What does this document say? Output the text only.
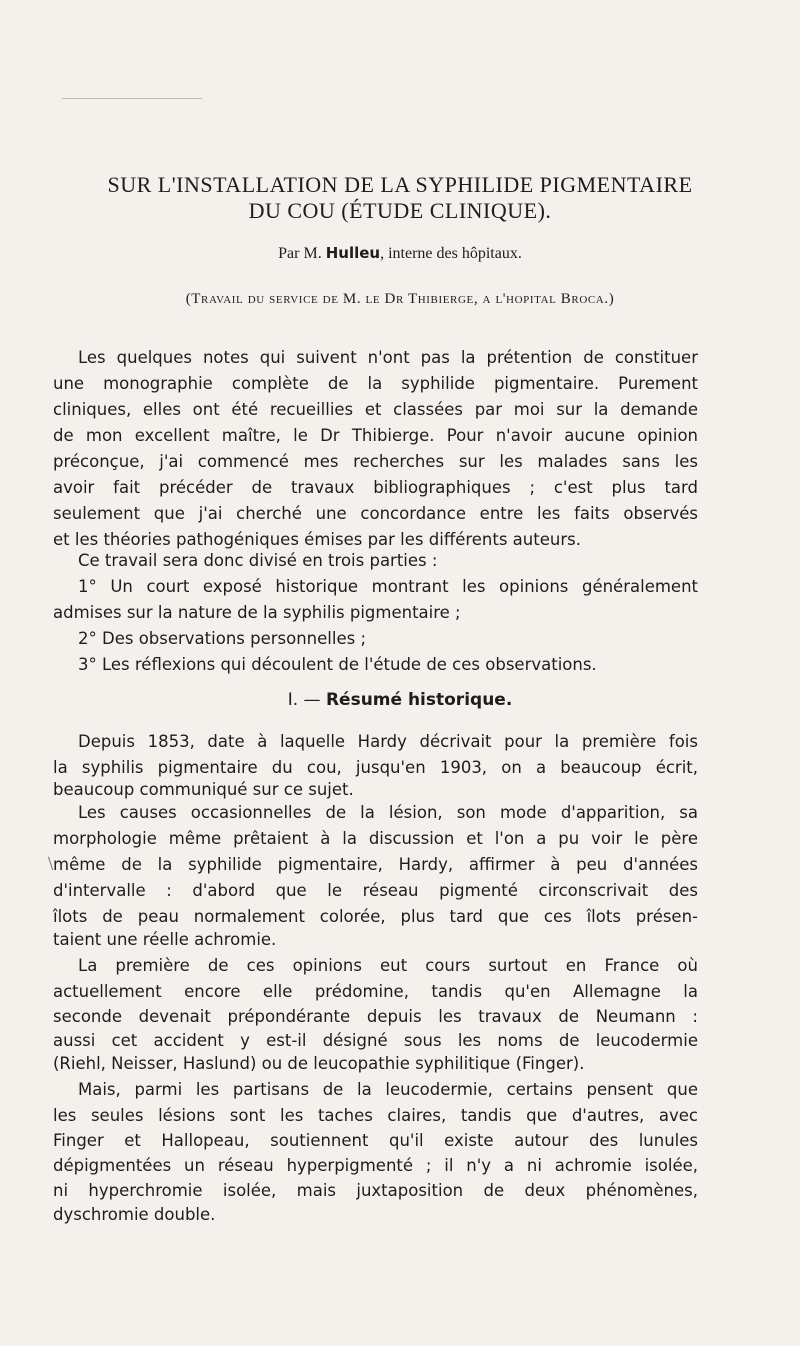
SUR L'INSTALLATION DE LA SYPHILIDE PIGMENTAIRE
DU COU (ÉTUDE CLINIQUE).
Par M. Hulleu, interne des hôpitaux.
(Travail du service de M. le Dr Thibierge, a l'hopital Broca.)
Les quelques notes qui suivent n'ont pas la prétention de constituer
une monographie complète de la syphilide pigmentaire. Purement
cliniques, elles ont été recueillies et classées par moi sur la demande
de mon excellent maître, le Dr Thibierge. Pour n'avoir aucune opinion
préconçue, j'ai commencé mes recherches sur les malades sans les
avoir fait précéder de travaux bibliographiques ; c'est plus tard
seulement que j'ai cherché une concordance entre les faits observés
et les théories pathogéniques émises par les différents auteurs.
Ce travail sera donc divisé en trois parties :
1° Un court exposé historique montrant les opinions généralement
admises sur la nature de la syphilis pigmentaire ;
2° Des observations personnelles ;
3° Les réflexions qui découlent de l'étude de ces observations.
I. — Résumé historique.
Depuis 1853, date à laquelle Hardy décrivait pour la première fois
la syphilis pigmentaire du cou, jusqu'en 1903, on a beaucoup écrit,
beaucoup communiqué sur ce sujet.
Les causes occasionnelles de la lésion, son mode d'apparition, sa
morphologie même prêtaient à la discussion et l'on a pu voir le père
même de la syphilide pigmentaire, Hardy, affirmer à peu d'années
d'intervalle : d'abord que le réseau pigmenté circonscrivait des
îlots de peau normalement colorée, plus tard que ces îlots présen-
taient une réelle achromie.
La première de ces opinions eut cours surtout en France où
actuellement encore elle prédomine, tandis qu'en Allemagne la
seconde devenait prépondérante depuis les travaux de Neumann :
aussi cet accident y est-il désigné sous les noms de leucodermie
(Riehl, Neisser, Haslund) ou de leucopathie syphilitique (Finger).
Mais, parmi les partisans de la leucodermie, certains pensent que
les seules lésions sont les taches claires, tandis que d'autres, avec
Finger et Hallopeau, soutiennent qu'il existe autour des lunules
dépigmentées un réseau hyperpigmenté ; il n'y a ni achromie isolée,
ni hyperchromie isolée, mais juxtaposition de deux phénomènes,
dyschromie double.
